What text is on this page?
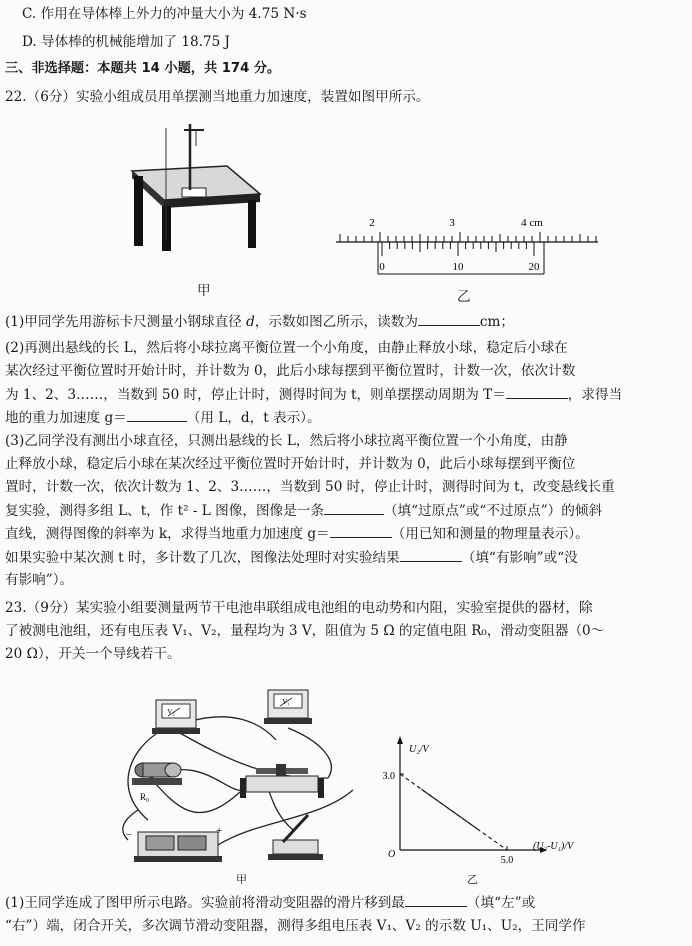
C. 作用在导体棒上外力的冲量大小为 4.75 N·s
D. 导体棒的机械能增加了 18.75 J
三、非选择题：本题共 14 小题，共 174 分。
22.（6分）实验小组成员用单摆测当地重力加速度，装置如图甲所示。
甲
2	3	4 cm
0	10	20
乙
(1)甲同学先用游标卡尺测量小钢球直径 d，示数如图乙所示，读数为	cm；
(2)再测出悬线的长 L，然后将小球拉离平衡位置一个小角度，由静止释放小球，稳定后小球在
某次经过平衡位置时开始计时，并计数为 0，此后小球每摆到平衡位置时，计数一次，依次计数
为 1、2、3……，当数到 50 时，停止计时，测得时间为 t，则单摆摆动周期为 T＝	，求得当
地的重力加速度 g＝	（用 L，d，t 表示）。
(3)乙同学没有测出小球直径，只测出悬线的长 L，然后将小球拉离平衡位置一个小角度，由静
止释放小球，稳定后小球在某次经过平衡位置时开始计时，并计数为 0，此后小球每摆到平衡位
置时，计数一次，依次计数为 1、2、3……，当数到 50 时，停止计时，测得时间为 t，改变悬线长重
复实验，测得多组 L、t，作 t² - L 图像，图像是一条	（填“过原点”或“不过原点”）的倾斜
直线，测得图像的斜率为 k，求得当地重力加速度 g＝	（用已知和测量的物理量表示）。
如果实验中某次测 t 时，多计数了几次，图像法处理时对实验结果	（填“有影响”或“没
有影响”）。
23.（9分）某实验小组要测量两节干电池串联组成电池组的电动势和内阻，实验室提供的器材，除
了被测电池组，还有电压表 V₁、V₂，量程均为 3 V，阻值为 5 Ω 的定值电阻 R₀，滑动变阻器（0～
20 Ω），开关一个导线若干。
V₂
V₁
R₀
−	+
甲
U₂/V
(U₂-U₁)/V
3.0
5.0
O
乙
(1)王同学连成了图甲所示电路。实验前将滑动变阻器的滑片移到最	（填“左”或
“右”）端，闭合开关，多次调节滑动变阻器，测得多组电压表 V₁、V₂ 的示数 U₁、U₂，王同学作
